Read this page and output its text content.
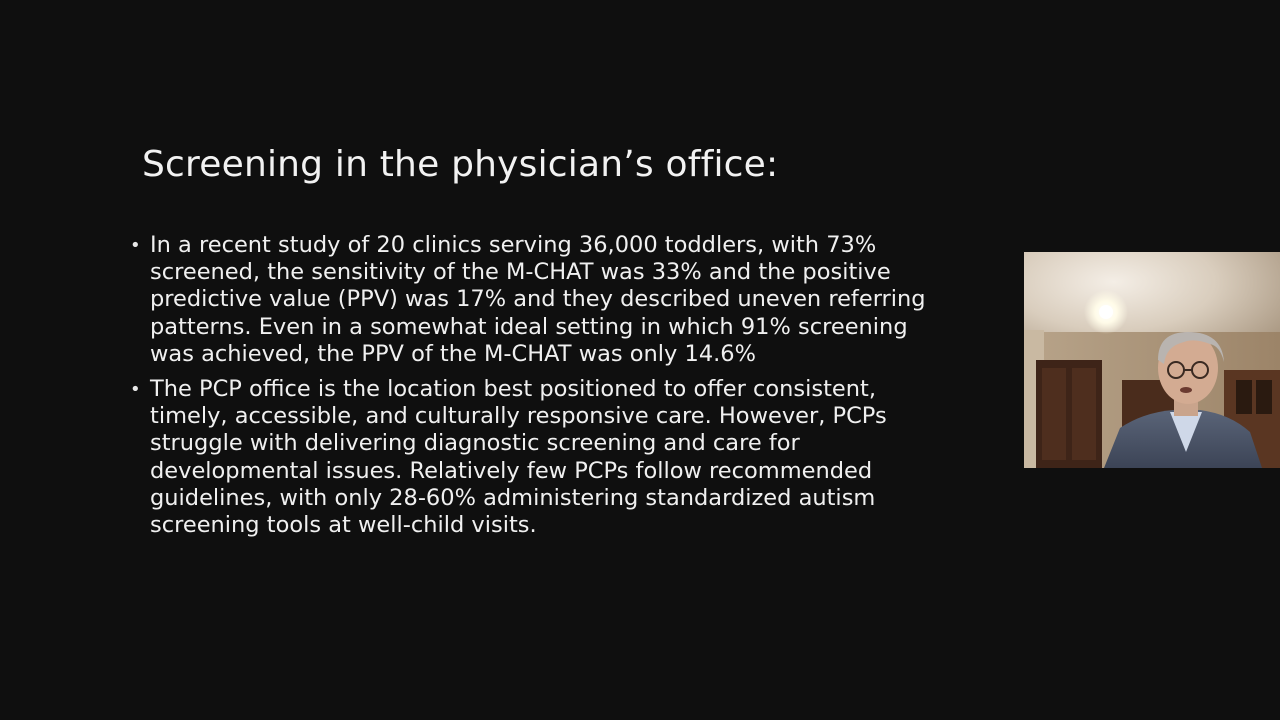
Screening in the physician’s office:
• In a recent study of 20 clinics serving 36,000 toddlers, with 73%
screened, the sensitivity of the M-CHAT was 33% and the positive
predictive value (PPV) was 17% and they described uneven referring
patterns. Even in a somewhat ideal setting in which 91% screening
was achieved, the PPV of the M-CHAT was only 14.6%
• The PCP office is the location best positioned to offer consistent,
timely, accessible, and culturally responsive care. However, PCPs
struggle with delivering diagnostic screening and care for
developmental issues. Relatively few PCPs follow recommended
guidelines, with only 28-60% administering standardized autism
screening tools at well-child visits.
